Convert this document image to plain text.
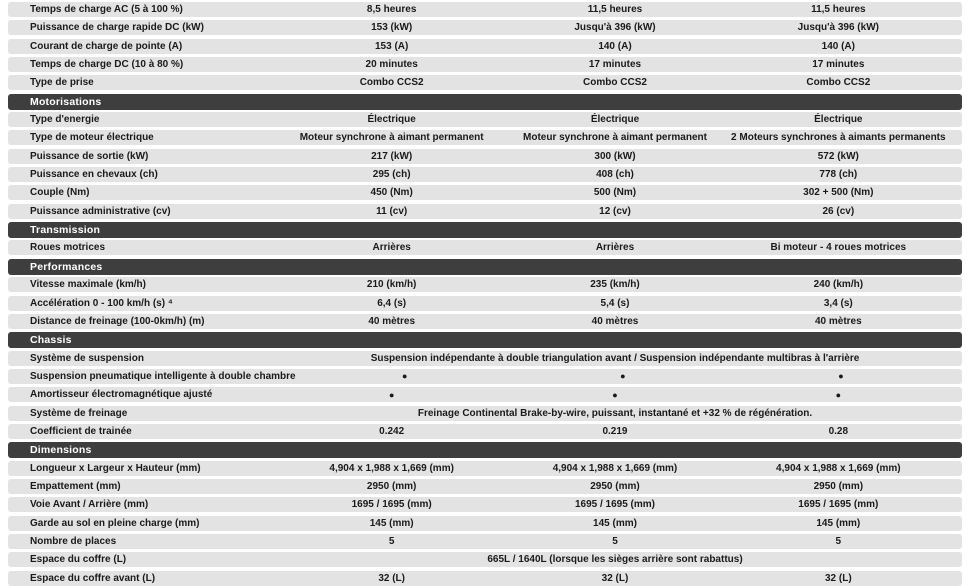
Temps de charge AC (5 à 100 %)	8,5 heures	11,5 heures	11,5 heures
Puissance de charge rapide DC (kW)	153 (kW)	Jusqu'à 396 (kW)	Jusqu'à 396 (kW)
Courant de charge de pointe (A)	153 (A)	140 (A)	140 (A)
Temps de charge DC (10 à 80 %)	20 minutes	17 minutes	17 minutes
Type de prise	Combo CCS2	Combo CCS2	Combo CCS2
Motorisations
Type d'energie	Électrique	Électrique	Électrique
Type de moteur électrique	Moteur synchrone à aimant permanent	Moteur synchrone à aimant permanent	2 Moteurs synchrones à aimants permanents
Puissance de sortie (kW)	217 (kW)	300 (kW)	572 (kW)
Puissance en chevaux (ch)	295 (ch)	408 (ch)	778 (ch)
Couple (Nm)	450 (Nm)	500 (Nm)	302 + 500 (Nm)
Puissance administrative (cv)	11 (cv)	12 (cv)	26 (cv)
Transmission
Roues motrices	Arrières	Arrières	Bi moteur - 4 roues motrices
Performances
Vitesse maximale (km/h)	210 (km/h)	235 (km/h)	240 (km/h)
Accélération 0 - 100 km/h (s) ⁴	6,4 (s)	5,4 (s)	3,4 (s)
Distance de freinage (100-0km/h) (m)	40 mètres	40 mètres	40 mètres
Chassis
Système de suspension	Suspension indépendante à double triangulation avant / Suspension indépendante multibras à l'arrière
Suspension pneumatique intelligente à double chambre	●	●	●
Amortisseur électromagnétique ajusté	●	●	●
Système de freinage	Freinage Continental Brake-by-wire, puissant, instantané et +32 % de régénération.
Coefficient de trainée	0.242	0.219	0.28
Dimensions
Longueur x Largeur x Hauteur (mm)	4,904 x 1,988 x 1,669 (mm)	4,904 x 1,988 x 1,669 (mm)	4,904 x 1,988 x 1,669 (mm)
Empattement (mm)	2950 (mm)	2950 (mm)	2950 (mm)
Voie Avant / Arrière (mm)	1695 / 1695 (mm)	1695 / 1695 (mm)	1695 / 1695 (mm)
Garde au sol en pleine charge (mm)	145 (mm)	145 (mm)	145 (mm)
Nombre de places	5	5	5
Espace du coffre (L)	665L / 1640L (lorsque les sièges arrière sont rabattus)
Espace du coffre avant (L)	32 (L)	32 (L)	32 (L)
